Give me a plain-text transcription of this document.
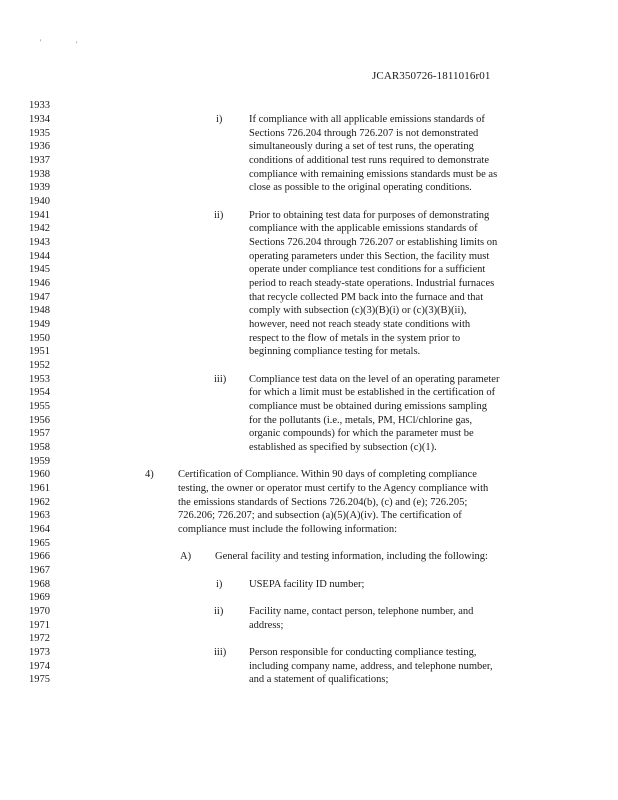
'	'
JCAR350726-1811016r01
1933
1934
1935
1936
1937
1938
1939
1940
1941
1942
1943
1944
1945
1946
1947
1948
1949
1950
1951
1952
1953
1954
1955
1956
1957
1958
1959
1960
1961
1962
1963
1964
1965
1966
1967
1968
1969
1970
1971
1972
1973
1974
1975
i)	If compliance with all applicable emissions standards of
Sections 726.204 through 726.207 is not demonstrated
simultaneously during a set of test runs, the operating
conditions of additional test runs required to demonstrate
compliance with remaining emissions standards must be as
close as possible to the original operating conditions.
ii) Prior to obtaining test data for purposes of demonstrating
compliance with the applicable emissions standards of
Sections 726.204 through 726.207 or establishing limits on
operating parameters under this Section, the facility must
operate under compliance test conditions for a sufficient
period to reach steady-state operations. Industrial furnaces
that recycle collected PM back into the furnace and that
comply with subsection (c)(3)(B)(i) or (c)(3)(B)(ii),
however, need not reach steady state conditions with
respect to the flow of metals in the system prior to
beginning compliance testing for metals.
iii) Compliance test data on the level of an operating parameter
for which a limit must be established in the certification of
compliance must be obtained during emissions sampling
for the pollutants (i.e., metals, PM, HCl/chlorine gas,
organic compounds) for which the parameter must be
established as specified by subsection (c)(1).
4) Certification of Compliance. Within 90 days of completing compliance
testing, the owner or operator must certify to the Agency compliance with
the emissions standards of Sections 726.204(b), (c) and (e); 726.205;
726.206; 726.207; and subsection (a)(5)(A)(iv). The certification of
compliance must include the following information:
A) General facility and testing information, including the following:
i)	USEPA facility ID number;
ii) Facility name, contact person, telephone number, and
address;
iii) Person responsible for conducting compliance testing,
including company name, address, and telephone number,
and a statement of qualifications;
